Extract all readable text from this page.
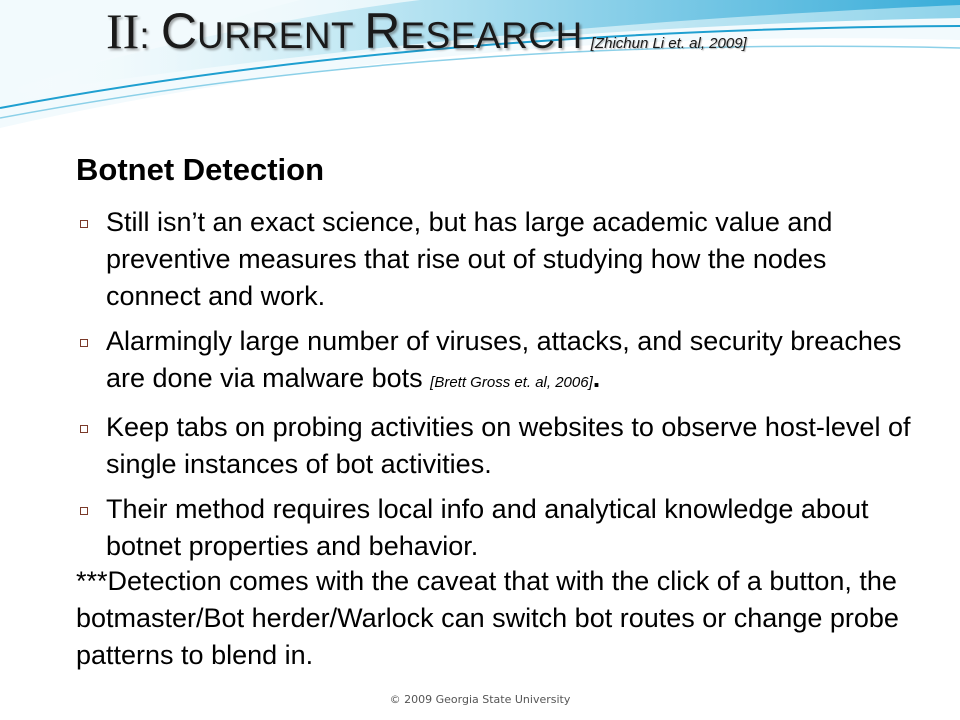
II: CURRENT RESEARCH [Zhichun Li et. al, 2009]
Botnet Detection
Still isn’t an exact science, but has large academic value and preventive measures that rise out of studying how the nodes connect and work.
Alarmingly large number of viruses, attacks, and security breaches are done via malware bots [Brett Gross et. al, 2006].
Keep tabs on probing activities on websites to observe host-level of single instances of bot activities.
Their method requires local info and analytical knowledge about botnet properties and behavior.
***Detection comes with the caveat that with the click of a button, the botmaster/Bot herder/Warlock can switch bot routes or change probe patterns to blend in.
© 2009 Georgia State University
